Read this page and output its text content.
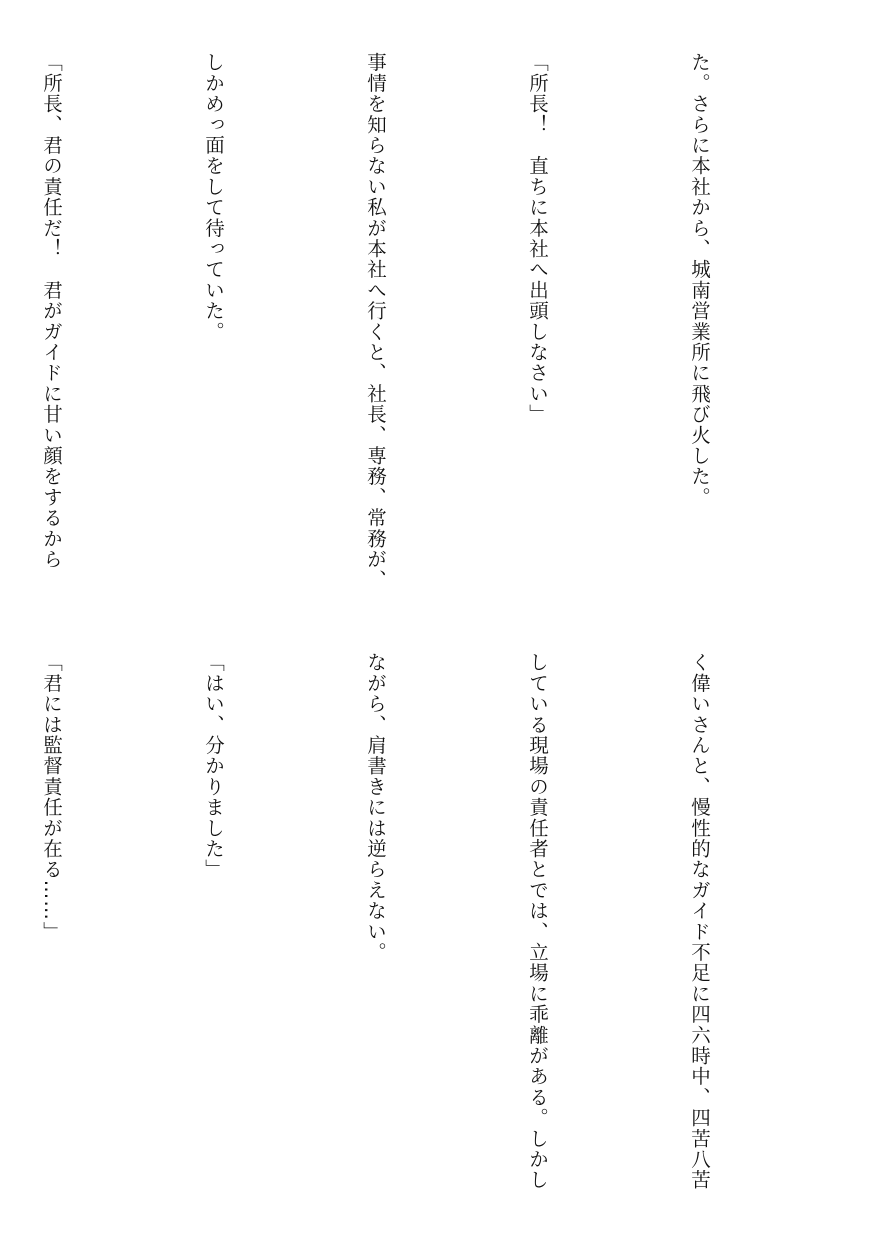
た。さらに本社から、城南営業所に飛び火した。

「所長！　直ちに本社へ出頭しなさい」

事情を知らない私が本社へ行くと、社長、専務、常務が、

しかめっ面をして待っていた。

「所長、君の責任だ！　君がガイドに甘い顔をするから

く偉いさんと、慢性的なガイド不足に四六時中、四苦八苦

している現場の責任者とでは、立場に乖離がある。しかし

ながら、肩書きには逆らえない。

「はい、分かりました」

「君には監督責任が在る……」
